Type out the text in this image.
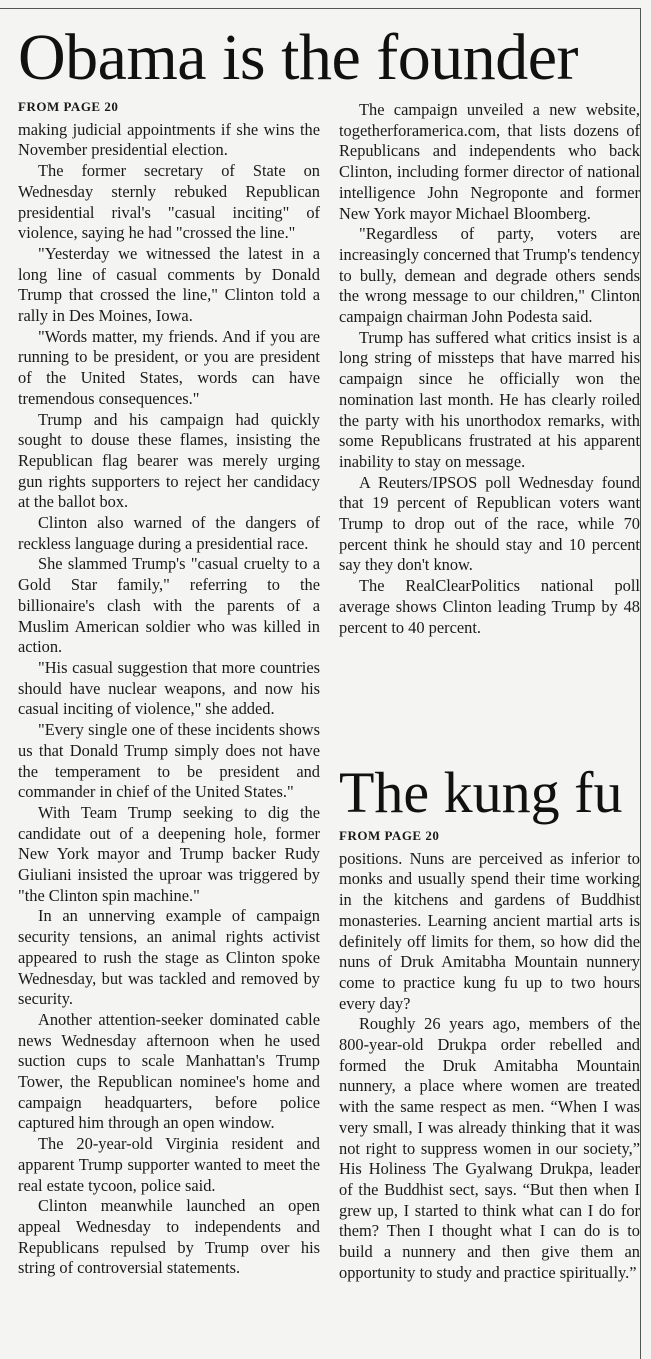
Obama is the founder
FROM PAGE 20

making judicial appointments if she wins the November presidential election.

The former secretary of State on Wednesday sternly rebuked Republican presidential rival's "casual inciting" of violence, saying he had "crossed the line."

"Yesterday we witnessed the latest in a long line of casual comments by Donald Trump that crossed the line," Clinton told a rally in Des Moines, Iowa.

"Words matter, my friends. And if you are running to be president, or you are president of the United States, words can have tremendous consequences."

Trump and his campaign had quickly sought to douse these flames, insisting the Republican flag bearer was merely urging gun rights supporters to reject her candidacy at the ballot box.

Clinton also warned of the dangers of reckless language during a presidential race.

She slammed Trump's "casual cruelty to a Gold Star family," referring to the billionaire's clash with the parents of a Muslim American soldier who was killed in action.

"His casual suggestion that more countries should have nuclear weapons, and now his casual inciting of violence," she added.

"Every single one of these incidents shows us that Donald Trump simply does not have the temperament to be president and commander in chief of the United States."

With Team Trump seeking to dig the candidate out of a deepening hole, former New York mayor and Trump backer Rudy Giuliani insisted the uproar was triggered by "the Clinton spin machine."

In an unnerving example of campaign security tensions, an animal rights activist appeared to rush the stage as Clinton spoke Wednesday, but was tackled and removed by security.

Another attention-seeker dominated cable news Wednesday afternoon when he used suction cups to scale Manhattan's Trump Tower, the Republican nominee's home and campaign headquarters, before police captured him through an open window.

The 20-year-old Virginia resident and apparent Trump supporter wanted to meet the real estate tycoon, police said.

Clinton meanwhile launched an open appeal Wednesday to independents and Republicans repulsed by Trump over his string of controversial statements.

The campaign unveiled a new website, togetherforamerica.com, that lists dozens of Republicans and independents who back Clinton, including former director of national intelligence John Negroponte and former New York mayor Michael Bloomberg.

"Regardless of party, voters are increasingly concerned that Trump's tendency to bully, demean and degrade others sends the wrong message to our children," Clinton campaign chairman John Podesta said.

Trump has suffered what critics insist is a long string of missteps that have marred his campaign since he officially won the nomination last month. He has clearly roiled the party with his unorthodox remarks, with some Republicans frustrated at his apparent inability to stay on message.

A Reuters/IPSOS poll Wednesday found that 19 percent of Republican voters want Trump to drop out of the race, while 70 percent think he should stay and 10 percent say they don't know.

The RealClearPolitics national poll average shows Clinton leading Trump by 48 percent to 40 percent.

The kung fu
FROM PAGE 20

positions. Nuns are perceived as inferior to monks and usually spend their time working in the kitchens and gardens of Buddhist monasteries. Learning ancient martial arts is definitely off limits for them, so how did the nuns of Druk Amitabha Mountain nunnery come to practice kung fu up to two hours every day?

Roughly 26 years ago, members of the 800-year-old Drukpa order rebelled and formed the Druk Amitabha Mountain nunnery, a place where women are treated with the same respect as men. “When I was very small, I was already thinking that it was not right to suppress women in our society,” His Holiness The Gyalwang Drukpa, leader of the Buddhist sect, says. “But then when I grew up, I started to think what can I do for them? Then I thought what I can do is to build a nunnery and then give them an opportunity to study and practice spiritually.”
